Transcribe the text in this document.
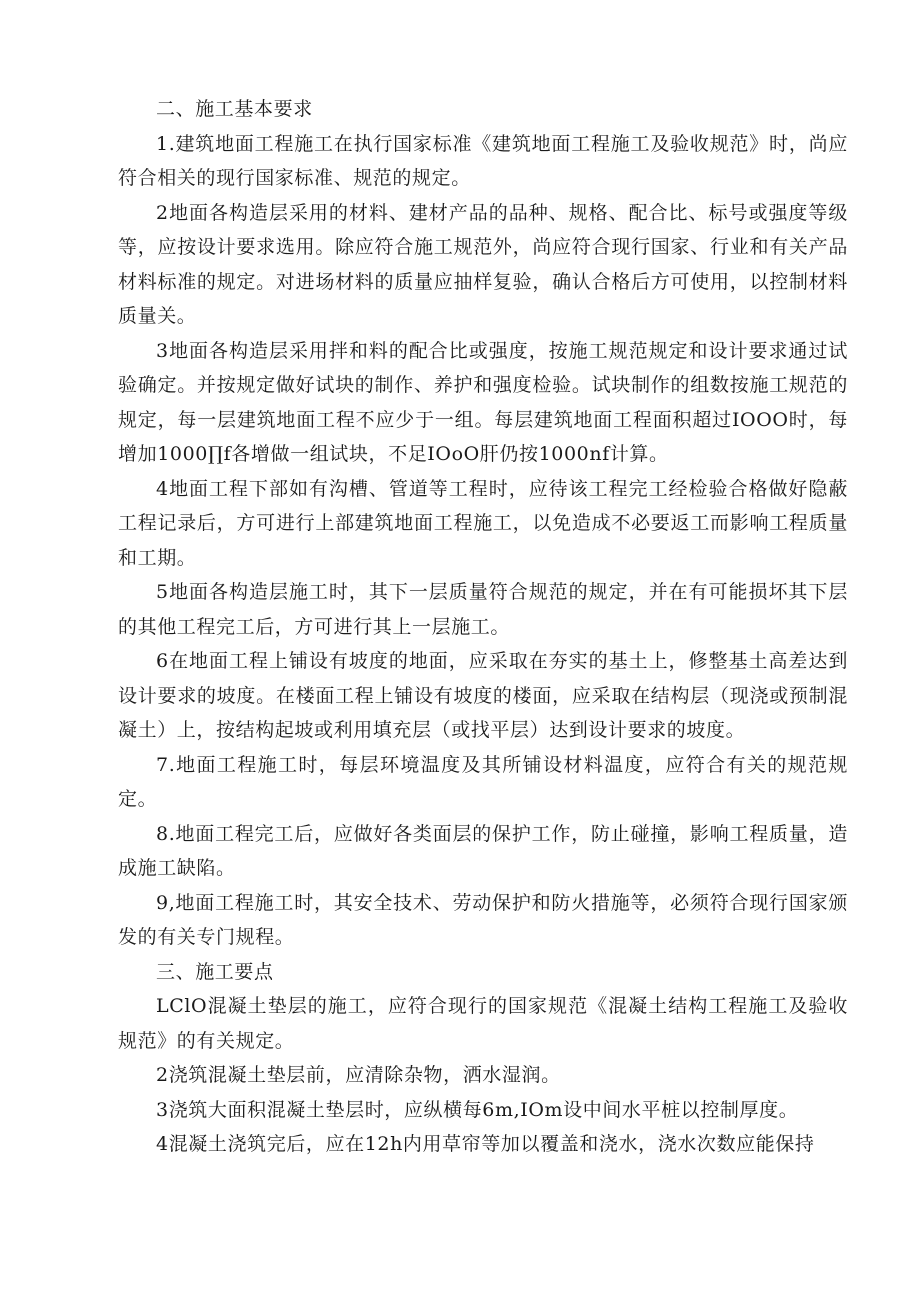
二、施工基本要求

1.建筑地面工程施工在执行国家标准《建筑地面工程施工及验收规范》时，尚应符合相关的现行国家标准、规范的规定。

2地面各构造层采用的材料、建材产品的品种、规格、配合比、标号或强度等级等，应按设计要求选用。除应符合施工规范外，尚应符合现行国家、行业和有关产品材料标准的规定。对进场材料的质量应抽样复验，确认合格后方可使用，以控制材料质量关。

3地面各构造层采用拌和料的配合比或强度，按施工规范规定和设计要求通过试验确定。并按规定做好试块的制作、养护和强度检验。试块制作的组数按施工规范的规定，每一层建筑地面工程不应少于一组。每层建筑地面工程面积超过IOOO时，每增加1000∏f各增做一组试块，不足IOoO肝仍按1000nf计算。

4地面工程下部如有沟槽、管道等工程时，应待该工程完工经检验合格做好隐蔽工程记录后，方可进行上部建筑地面工程施工，以免造成不必要返工而影响工程质量和工期。

5地面各构造层施工时，其下一层质量符合规范的规定，并在有可能损坏其下层的其他工程完工后，方可进行其上一层施工。

6在地面工程上铺设有坡度的地面，应采取在夯实的基土上，修整基土高差达到设计要求的坡度。在楼面工程上铺设有坡度的楼面，应采取在结构层（现浇或预制混凝土）上，按结构起坡或利用填充层（或找平层）达到设计要求的坡度。

7.地面工程施工时，每层环境温度及其所铺设材料温度，应符合有关的规范规定。

8.地面工程完工后，应做好各类面层的保护工作，防止碰撞，影响工程质量，造成施工缺陷。

9,地面工程施工时，其安全技术、劳动保护和防火措施等，必须符合现行国家颁发的有关专门规程。

三、施工要点

LClO混凝土垫层的施工，应符合现行的国家规范《混凝土结构工程施工及验收规范》的有关规定。

2浇筑混凝土垫层前，应清除杂物，洒水湿润。

3浇筑大面积混凝土垫层时，应纵横每6m,IOm设中间水平桩以控制厚度。

4混凝土浇筑完后，应在12h内用草帘等加以覆盖和浇水，浇水次数应能保持
